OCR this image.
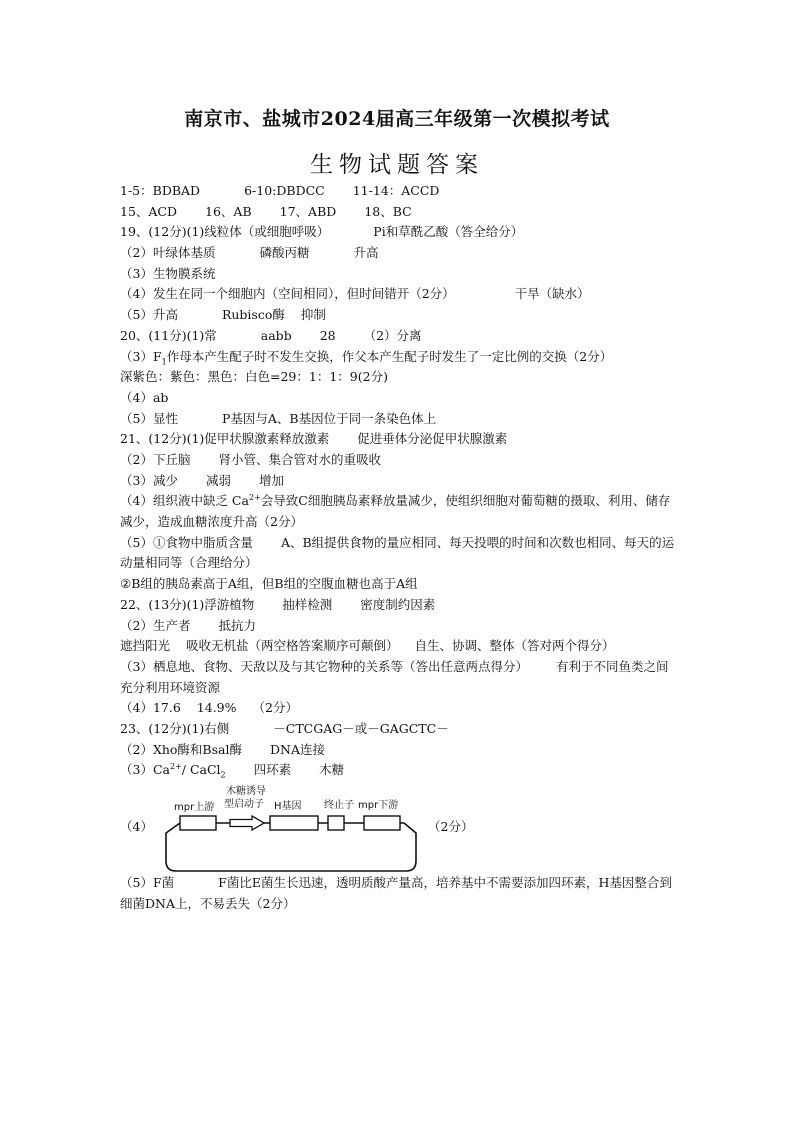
南京市、盐城市2024届高三年级第一次模拟考试
生物试题答案
1-5：BDBAD	6-10:DBDCC 11-14：ACCD
15、ACD 16、AB 17、ABD 18、BC
19、(12分)(1)线粒体（或细胞呼吸）	Pi和草酰乙酸（答全给分）
（2）叶绿体基质	磷酸丙糖	升高
（3）生物膜系统
（4）发生在同一个细胞内（空间相同），但时间错开（2分）	干旱（缺水）
（5）升高	Rubisco酶 抑制
20、(11分)(1)常	aabb 28 （2）分离
$(3)F_1$作母本产生配子时不发生交换，作父本产生配子时发生了一定比例的交换（2分）
深紫色：紫色：黑色：白色=29：1：1：9(2分)
（4）ab
（5）显性	P基因与A、B基因位于同一条染色体上
21、(12分)(1)促甲状腺激素释放激素 促进垂体分泌促甲状腺激素
（2）下丘脑 肾小管、集合管对水的重吸收
（3）减少 减弱 增加
（4）组织液中缺乏 $Ca^{2+}$会导致C细胞胰岛素释放量减少，使组织细胞对葡萄糖的摄取、利用、储存减少，造成血糖浓度升高（2分）
（5）①食物中脂质含量 A、B组提供食物的量应相同、每天投喂的时间和次数也相同、每天的运动量相同等（合理给分）
②B组的胰岛素高于A组，但B组的空腹血糖也高于A组
22、(13分)(1)浮游植物 抽样检测 密度制约因素
（2）生产者 抵抗力
遮挡阳光 吸收无机盐（两空格答案顺序可颠倒） 自生、协调、整体（答对两个得分）
（3）栖息地、食物、天敌以及与其它物种的关系等（答出任意两点得分） 有利于不同鱼类之间充分利用环境资源
（4）17.6 14.9% （2分）
23、(12分)(1)右侧	－CTCGAG－或－GAGCTC－
（2）Xho酶和Bsal酶 DNA连接
$(3)Ca^{2+}/$ CaCl$_2$ 四环素 木糖
（4）	（2分）
mpr上游
木糖诱导
型启动子 H基因 终止子 mpr下游
（5）F菌	F菌比E菌生长迅速，透明质酸产量高，培养基中不需要添加四环素，H基因整合到细菌DNA上，不易丢失（2分）
